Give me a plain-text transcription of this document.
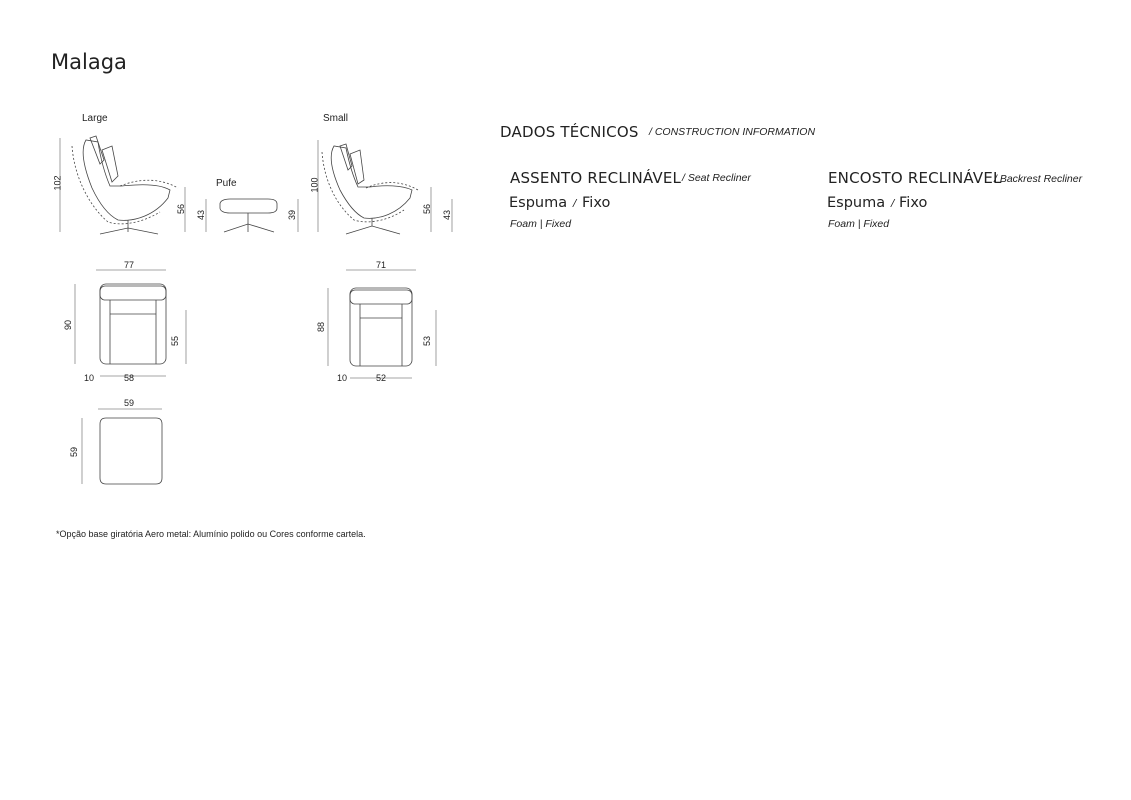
Malaga
Large	Small
Pufe
102
56
43	39
100
56
43
77
90
55
10	58
71
88
53
10	52
59
59
DADOS TÉCNICOS / CONSTRUCTION INFORMATION
ASSENTO RECLINÁVEL / Seat Recliner
Espuma / Fixo
Foam | Fixed
ENCOSTO RECLINÁVEL
/ Backrest Recliner
Espuma / Fixo
Foam | Fixed
*Opção base giratória Aero metal: Alumínio polido ou Cores conforme cartela.
